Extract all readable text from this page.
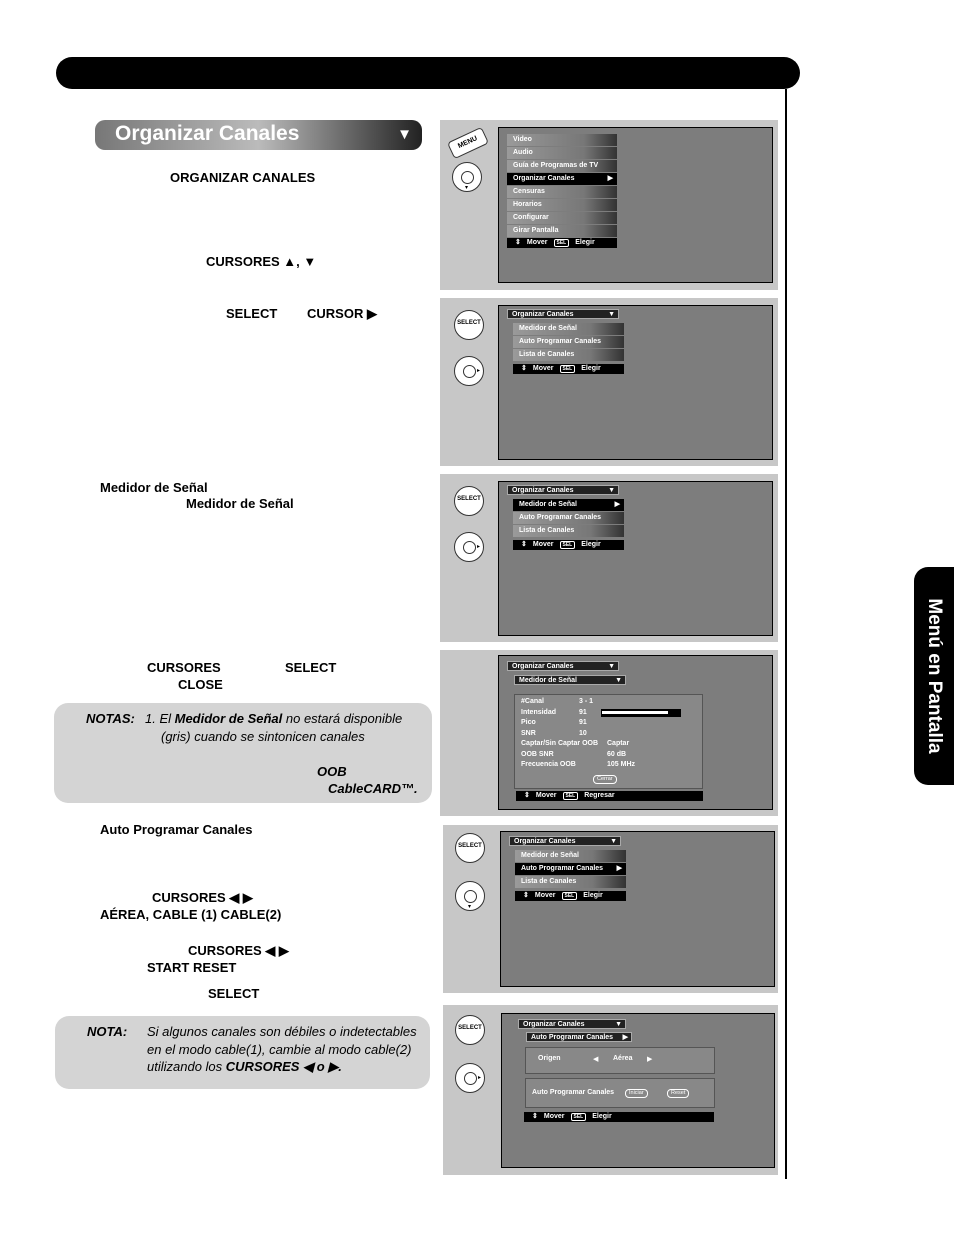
Menú en Pantalla
Organizar Canales	▼
ORGANIZAR CANALES
CURSORES ▲, ▼
SELECT CURSOR ▶
Medidor de Señal
Medidor de Señal
CURSORES	SELECT
CLOSE
NOTAS: 1. El Medidor de Señal no estará disponible
(gris) cuando se sintonicen canales

OOB
CableCARD™.
Auto Programar Canales
CURSORES ◀ ▶
AÉREA, CABLE (1) CABLE(2)
CURSORES ◀ ▶
START RESET
SELECT
NOTA: Si algunos canales son débiles o indetectables
en el modo cable(1), cambie al modo cable(2)
utilizando los CURSORES ◀ o ▶.
MENU
▾
Video
Audio
Guía de Programas de TV
Organizar Canales	▶
Censuras
Horarios
Configurar
Girar Pantalla
⇕ Mover	SEL	Elegir
SELECT
▸
Organizar Canales	▼
Medidor de Señal
Auto Programar Canales
Lista de Canales
⇕ Mover	SEL	Elegir
SELECT
▸
Organizar Canales	▼
Medidor de Señal	▶
Auto Programar Canales
Lista de Canales
⇕ Mover	SEL	Elegir
Organizar Canales	▼
Medidor de Señal	▼
#Canal	3 - 1
Intensidad	91
Pico	91
SNR	10
Captar/Sin Captar OOB	Captar
OOB SNR	60 dB
Frecuencia OOB	105 MHz
Cerrar
⇕ Mover	SEL	Regresar
SELECT
▾
Organizar Canales	▼
Medidor de Señal
Auto Programar Canales ▶
Lista de Canales
⇕ Mover	SEL	Elegir
SELECT
▸
Organizar Canales	▼
Auto Programar Canales ▶
Origen	◀ Aérea ▶
Auto Programar Canales	Iniciar	Reset
⇕ Mover	SEL	Elegir
